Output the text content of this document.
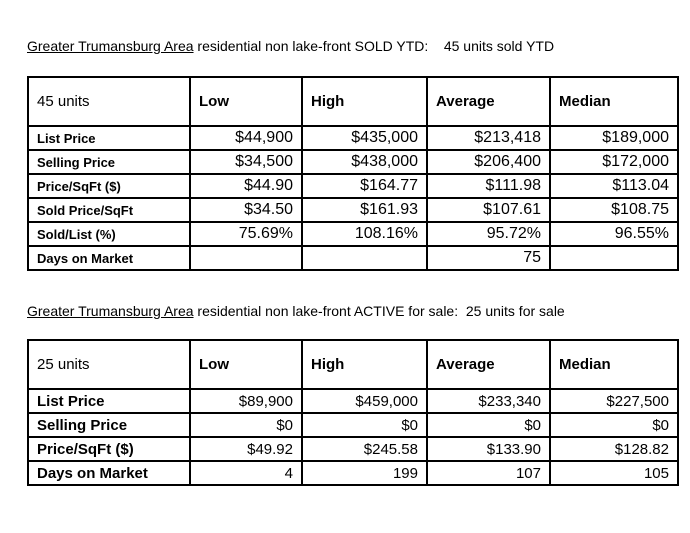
Greater Trumansburg Area residential non lake-front SOLD YTD:    45 units sold YTD
45 units	Low	High	Average	Median
List Price	$44,900	$435,000	$213,418	$189,000
Selling Price	$34,500	$438,000	$206,400	$172,000
Price/SqFt ($)	$44.90	$164.77	$111.98	$113.04
Sold Price/SqFt	$34.50	$161.93	$107.61	$108.75
Sold/List (%)	75.69%	108.16%	95.72%	96.55%
Days on Market			75	
Greater Trumansburg Area residential non lake-front ACTIVE for sale:  25 units for sale
25 units	Low	High	Average	Median
List Price	$89,900	$459,000	$233,340	$227,500
Selling Price	$0	$0	$0	$0
Price/SqFt ($)	$49.92	$245.58	$133.90	$128.82
Days on Market	4	199	107	105
